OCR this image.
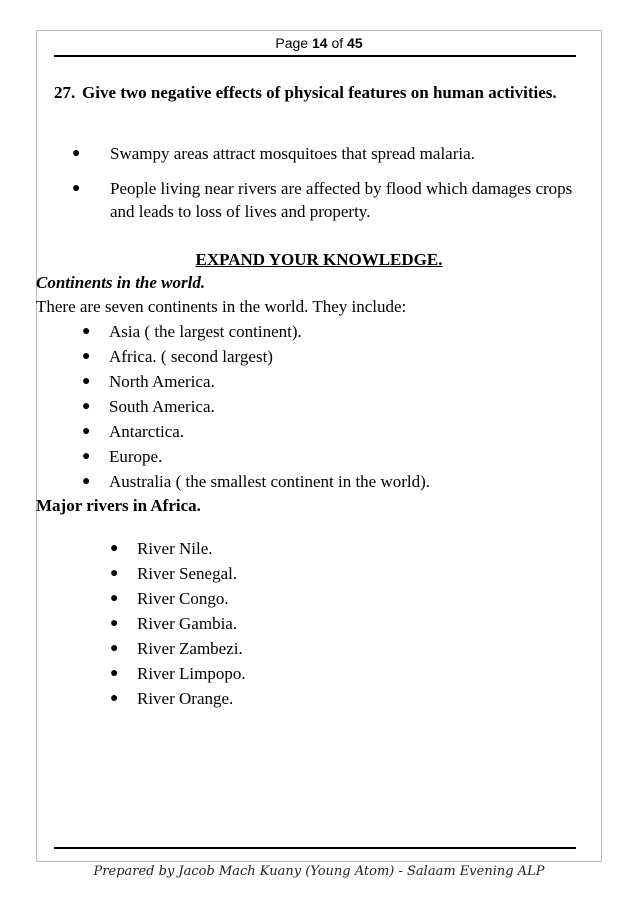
Page 14 of 45
27. Give two negative effects of physical features on human activities.
● Swampy areas attract mosquitoes that spread malaria.
● People living near rivers are affected by flood which damages crops and leads to loss of lives and property.
EXPAND YOUR KNOWLEDGE.
Continents in the world.
There are seven continents in the world. They include:
● Asia ( the largest continent).
● Africa. ( second largest)
● North America.
● South America.
● Antarctica.
● Europe.
● Australia ( the smallest continent in the world).
Major rivers in Africa.
● River Nile.
● River Senegal.
● River Congo.
● River Gambia.
● River Zambezi.
● River Limpopo.
● River Orange.
Prepared by Jacob Mach Kuany (Young Atom) - Salaam Evening ALP
